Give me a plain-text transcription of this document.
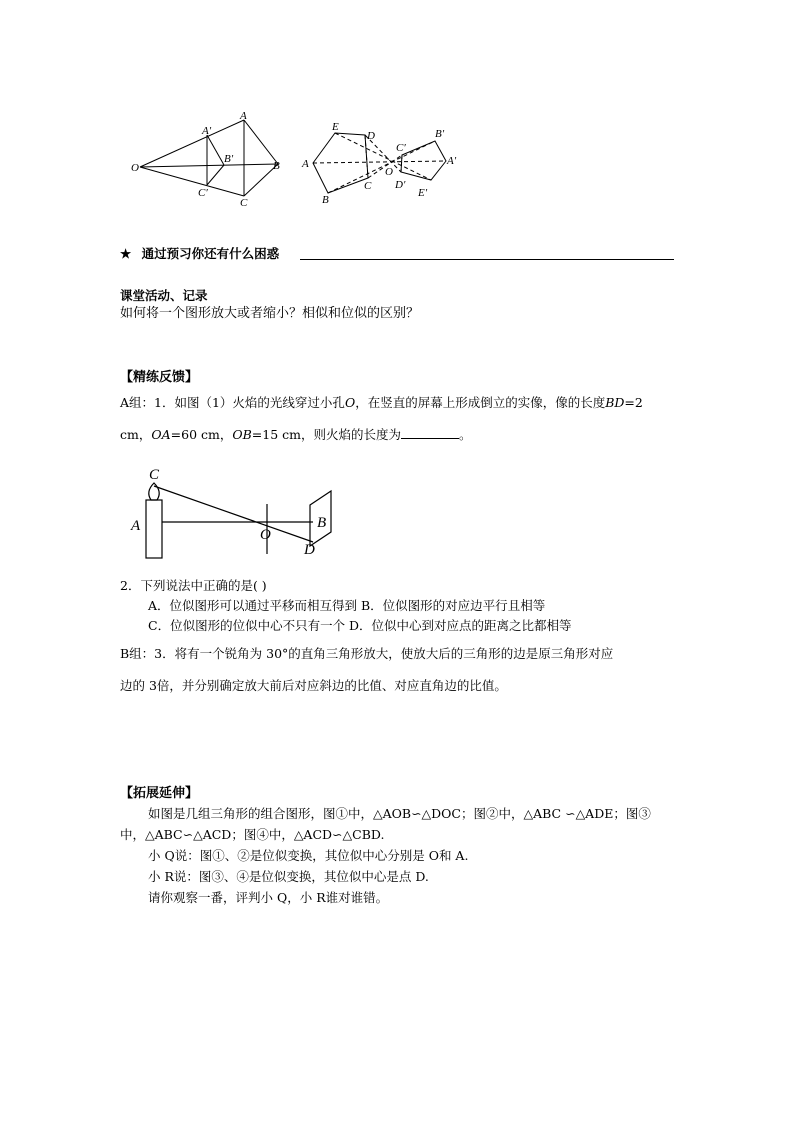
O
A′
A
B′
B
C′
C
E
D
A
C
B
O
C′
B′
A′
D′
E′
★ 通过预习你还有什么困惑
课堂活动、记录
如何将一个图形放大或者缩小？相似和位似的区别？
【精练反馈】
A组：1．如图（1）火焰的光线穿过小孔O，在竖直的屏幕上形成倒立的实像，像的长度BD=2
cm，OA=60 cm，OB=15 cm，则火焰的长度为	。
C
A
O
B
D
2．下列说法中正确的是( )
A．位似图形可以通过平移而相互得到 B．位似图形的对应边平行且相等
C．位似图形的位似中心不只有一个 D．位似中心到对应点的距离之比都相等
B组：3．将有一个锐角为 30°的直角三角形放大，使放大后的三角形的边是原三角形对应
边的 3倍，并分别确定放大前后对应斜边的比值、对应直角边的比值。
【拓展延伸】
如图是几组三角形的组合图形，图①中，△AOB∽△DOC；图②中，△ABC ∽△ADE；图③
中，△ABC∽△ACD；图④中，△ACD∽△CBD.
小 Q说：图①、②是位似变换，其位似中心分别是 O和 A.
小 R说：图③、④是位似变换，其位似中心是点 D.
请你观察一番，评判小 Q，小 R谁对谁错。
